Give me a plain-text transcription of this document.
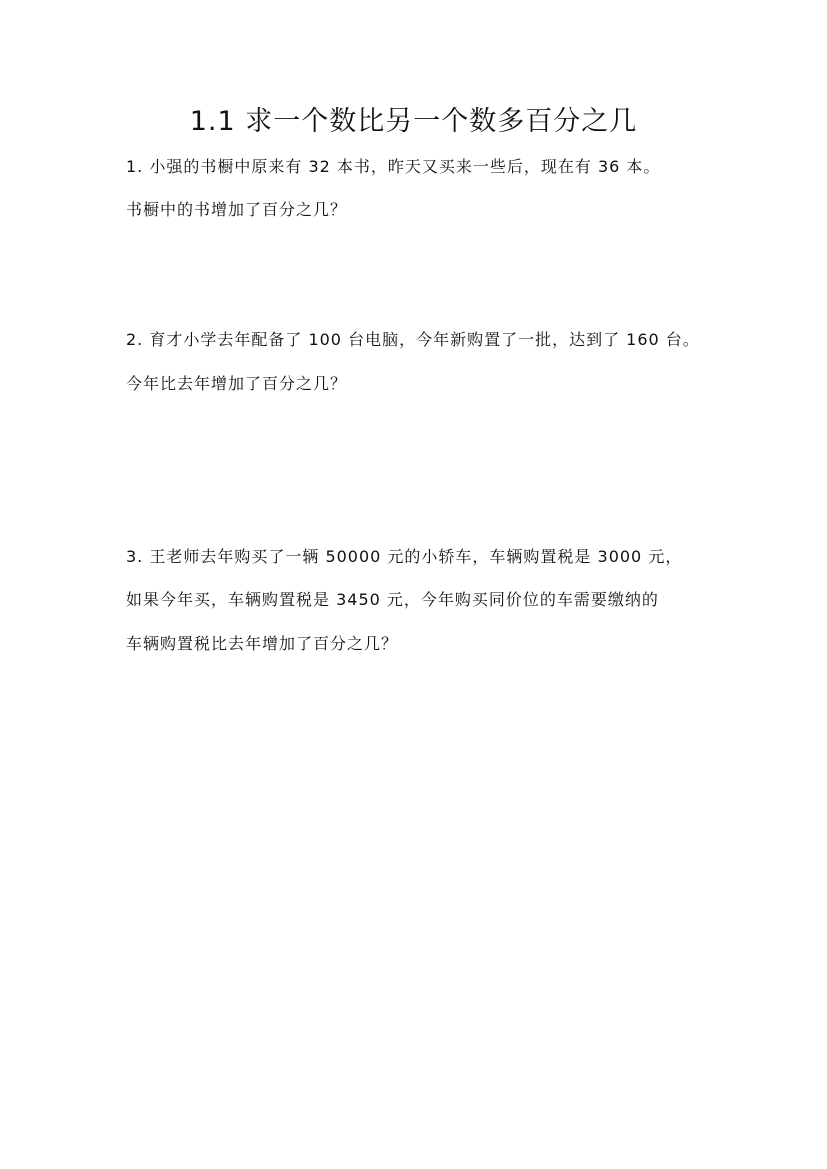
1.1 求一个数比另一个数多百分之几
1. 小强的书橱中原来有 32 本书，昨天又买来一些后，现在有 36 本。
书橱中的书增加了百分之几？
2. 育才小学去年配备了 100 台电脑，今年新购置了一批，达到了 160 台。
今年比去年增加了百分之几？
3. 王老师去年购买了一辆 50000 元的小轿车，车辆购置税是 3000 元，
如果今年买，车辆购置税是 3450 元，今年购买同价位的车需要缴纳的
车辆购置税比去年增加了百分之几？
